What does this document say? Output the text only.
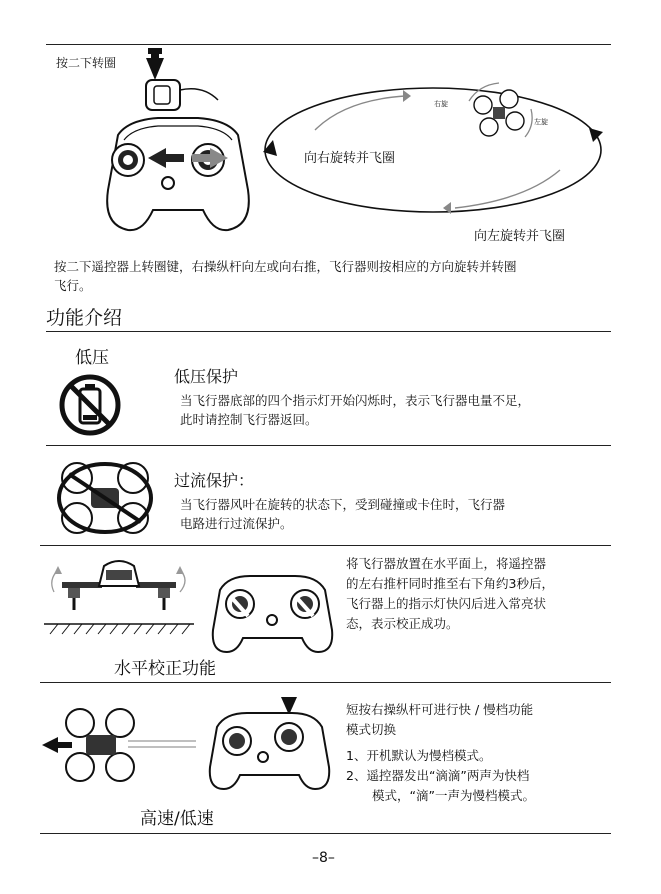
按二下转圈
右旋
左旋
向右旋转并飞圈
向左旋转并飞圈
按二下遥控器上转圈键，右操纵杆向左或向右推，飞行器则按相应的方向旋转并转圈
飞行。
功能介绍
低压
低压保护
当飞行器底部的四个指示灯开始闪烁时，表示飞行器电量不足，
此时请控制飞行器返回。
过流保护：
当飞行器风叶在旋转的状态下，受到碰撞或卡住时，飞行器
电路进行过流保护。
水平校正功能
将飞行器放置在水平面上，将遥控器
的左右推杆同时推至右下角约3秒后，
飞行器上的指示灯快闪后进入常亮状
态，表示校正成功。
高速/低速
短按右操纵杆可进行快 / 慢档功能
模式切换
1、开机默认为慢档模式。
2、遥控器发出“滴滴”两声为快档
模式，“滴”一声为慢档模式。
–8–
